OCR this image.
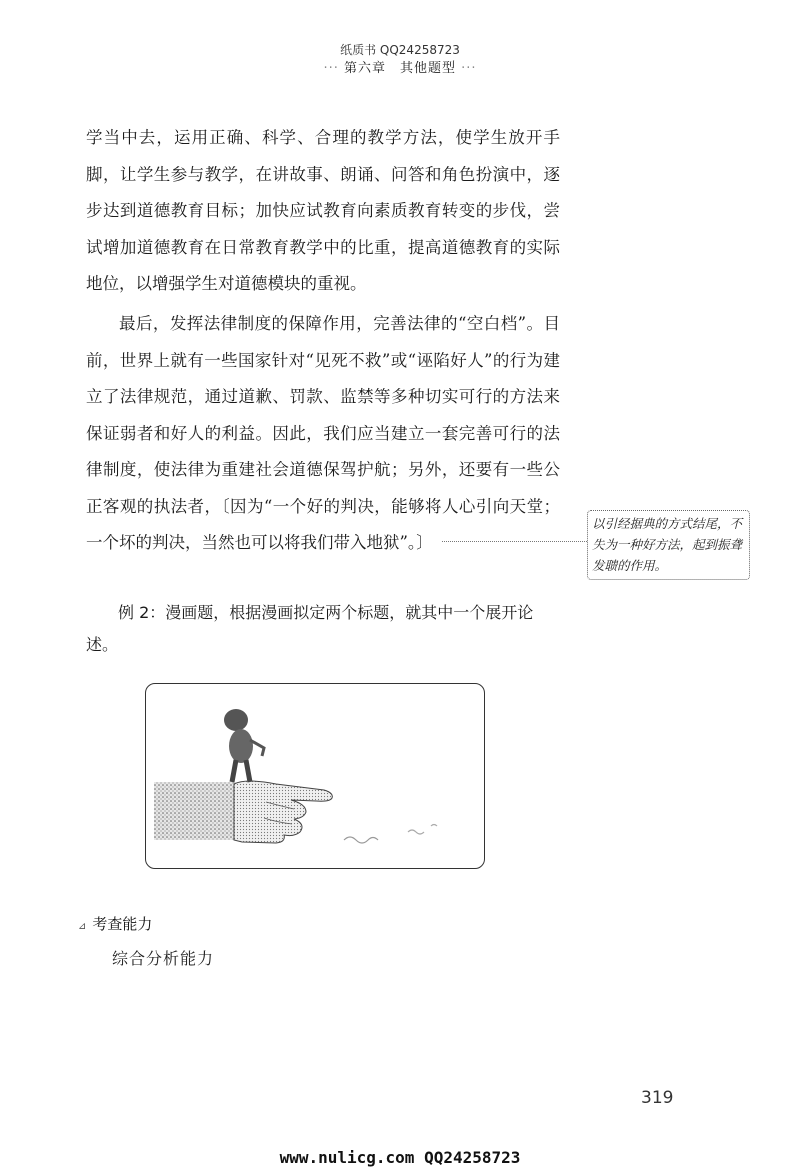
纸质书 QQ24258723
··· 第六章　其他题型 ···
学当中去，运用正确、科学、合理的教学方法，使学生放开手脚，让学生参与教学，在讲故事、朗诵、问答和角色扮演中，逐步达到道德教育目标；加快应试教育向素质教育转变的步伐，尝试增加道德教育在日常教育教学中的比重，提高道德教育的实际地位，以增强学生对道德模块的重视。
最后，发挥法律制度的保障作用，完善法律的“空白档”。目前，世界上就有一些国家针对“见死不救”或“诬陷好人”的行为建立了法律规范，通过道歉、罚款、监禁等多种切实可行的方法来保证弱者和好人的利益。因此，我们应当建立一套完善可行的法律制度，使法律为重建社会道德保驾护航；另外，还要有一些公正客观的执法者，〔因为“一个好的判决，能够将人心引向天堂；一个坏的判决，当然也可以将我们带入地狱”。〕
以引经据典的方式结尾，不失为一种好方法，起到振聋发聩的作用。
例 2：漫画题，根据漫画拟定两个标题，就其中一个展开论述。
⊿ 考查能力
综合分析能力
319
www.nulicg.com QQ24258723
